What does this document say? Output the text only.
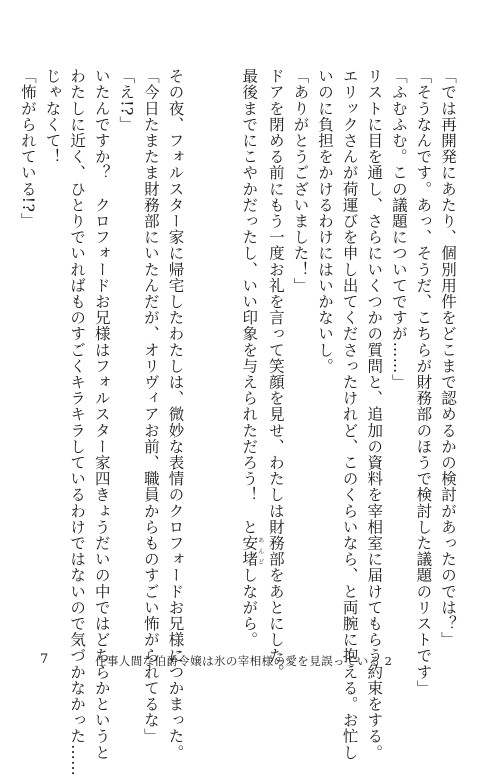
「では再開発にあたり、個別用件をどこまで認めるかの検討があったのでは？」
「そうなんです。あっ、そうだ、こちらが財務部のほうで検討した議題のリストです」
「ふむふむ。この議題についてですが……」
リストに目を通し、さらにいくつかの質問と、追加の資料を宰相室に届けてもらう約束をする。
エリックさんが荷運びを申し出てくださったけれど、このくらいなら、と両腕に抱える。お忙し
いのに負担をかけるわけにはいかないし。
「ありがとうございました！」
ドアを閉める前にもう一度お礼を言って笑顔を見せ、わたしは財務部をあとにした。
最後までにこやかだったし、いい印象を与えられただろう！　と安堵あんどしながら。
その夜、フォルスター家に帰宅したわたしは、微妙な表情のクロフォードお兄様につかまった。
「今日たまたま財務部にいたんだが、オリヴィアお前、職員からものすごい怖がられてるな」
「え!?」
いたんですか？　クロフォードお兄様はフォルスター家四きょうだいの中ではどちらかというと
わたしに近く、ひとりでいればものすごくキラキラしているわけではないので気づかなかった……
じゃなくて！
「怖がられている!?」
7	仕事人間な伯爵令嬢は氷の宰相様の愛を見誤っている 2
